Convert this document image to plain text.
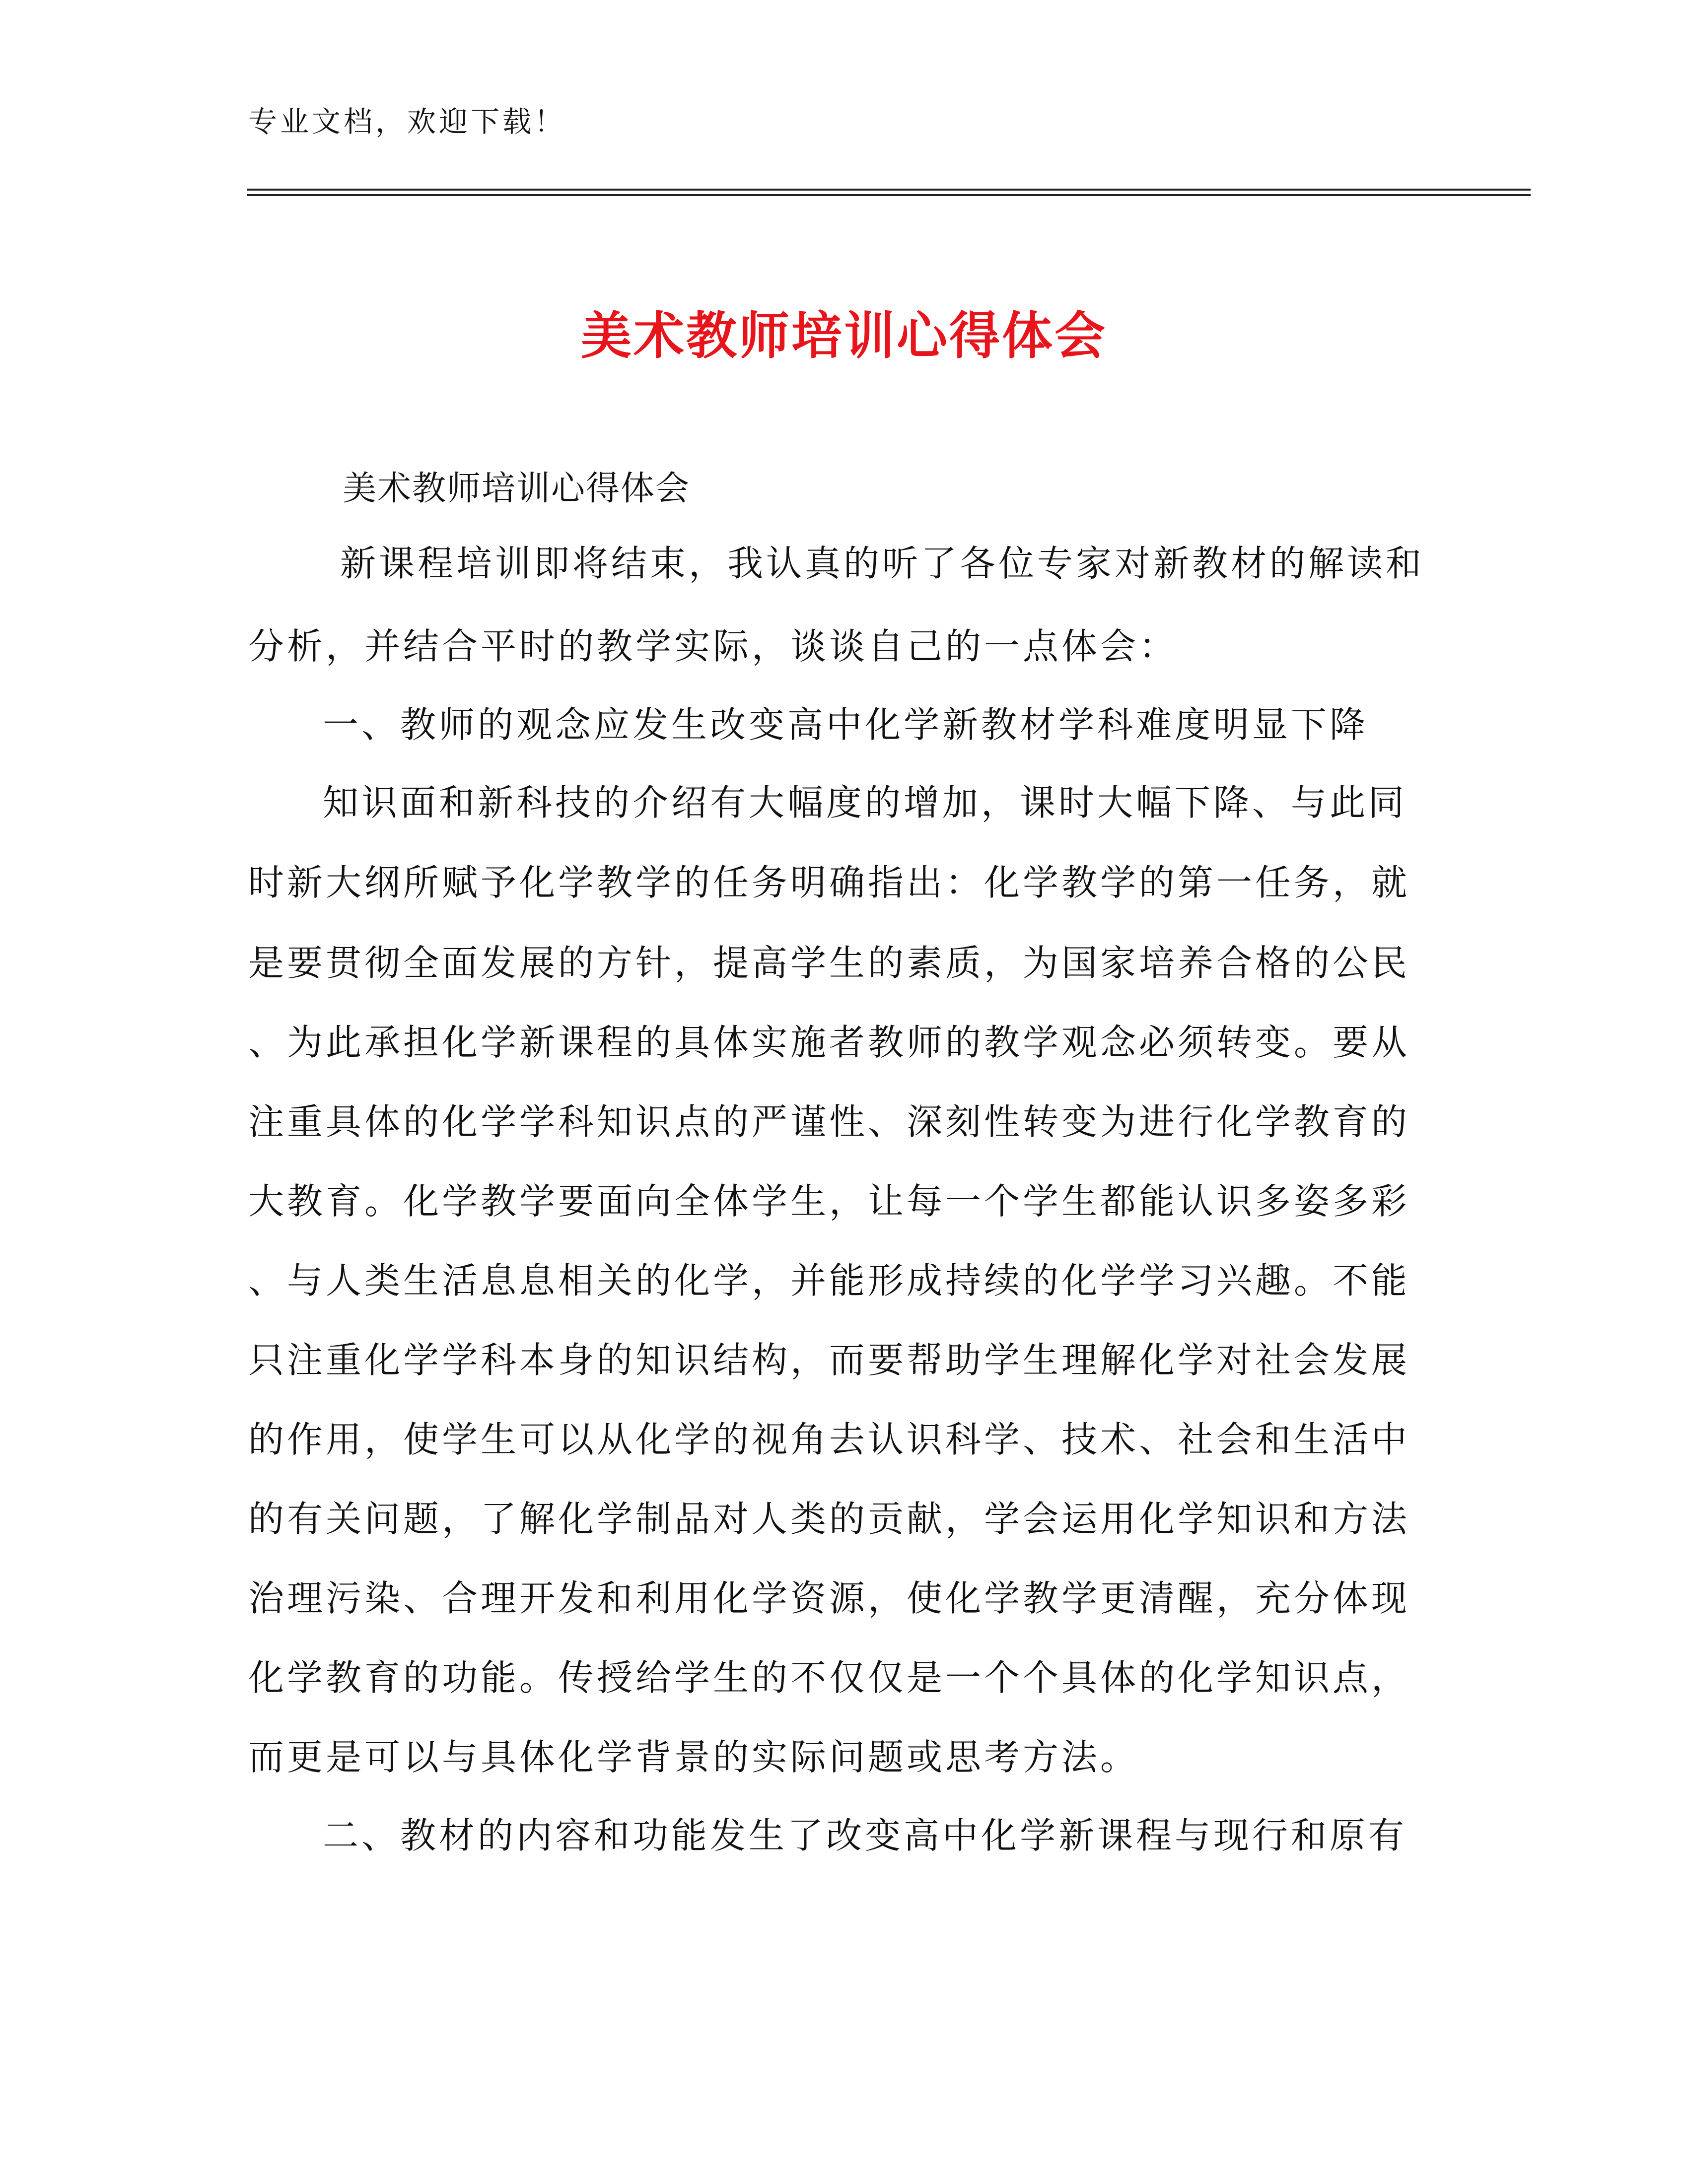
专业文档，欢迎下载！
美术教师培训心得体会
美术教师培训心得体会
新课程培训即将结束，我认真的听了各位专家对新教材的解读和
分析，并结合平时的教学实际，谈谈自己的一点体会：
一、教师的观念应发生改变高中化学新教材学科难度明显下降
知识面和新科技的介绍有大幅度的增加，课时大幅下降、与此同
时新大纲所赋予化学教学的任务明确指出：化学教学的第一任务，就
是要贯彻全面发展的方针，提高学生的素质，为国家培养合格的公民
、为此承担化学新课程的具体实施者教师的教学观念必须转变。要从
注重具体的化学学科知识点的严谨性、深刻性转变为进行化学教育的
大教育。化学教学要面向全体学生，让每一个学生都能认识多姿多彩
、与人类生活息息相关的化学，并能形成持续的化学学习兴趣。不能
只注重化学学科本身的知识结构，而要帮助学生理解化学对社会发展
的作用，使学生可以从化学的视角去认识科学、技术、社会和生活中
的有关问题，了解化学制品对人类的贡献，学会运用化学知识和方法
治理污染、合理开发和利用化学资源，使化学教学更清醒，充分体现
化学教育的功能。传授给学生的不仅仅是一个个具体的化学知识点，
而更是可以与具体化学背景的实际问题或思考方法。
二、教材的内容和功能发生了改变高中化学新课程与现行和原有
